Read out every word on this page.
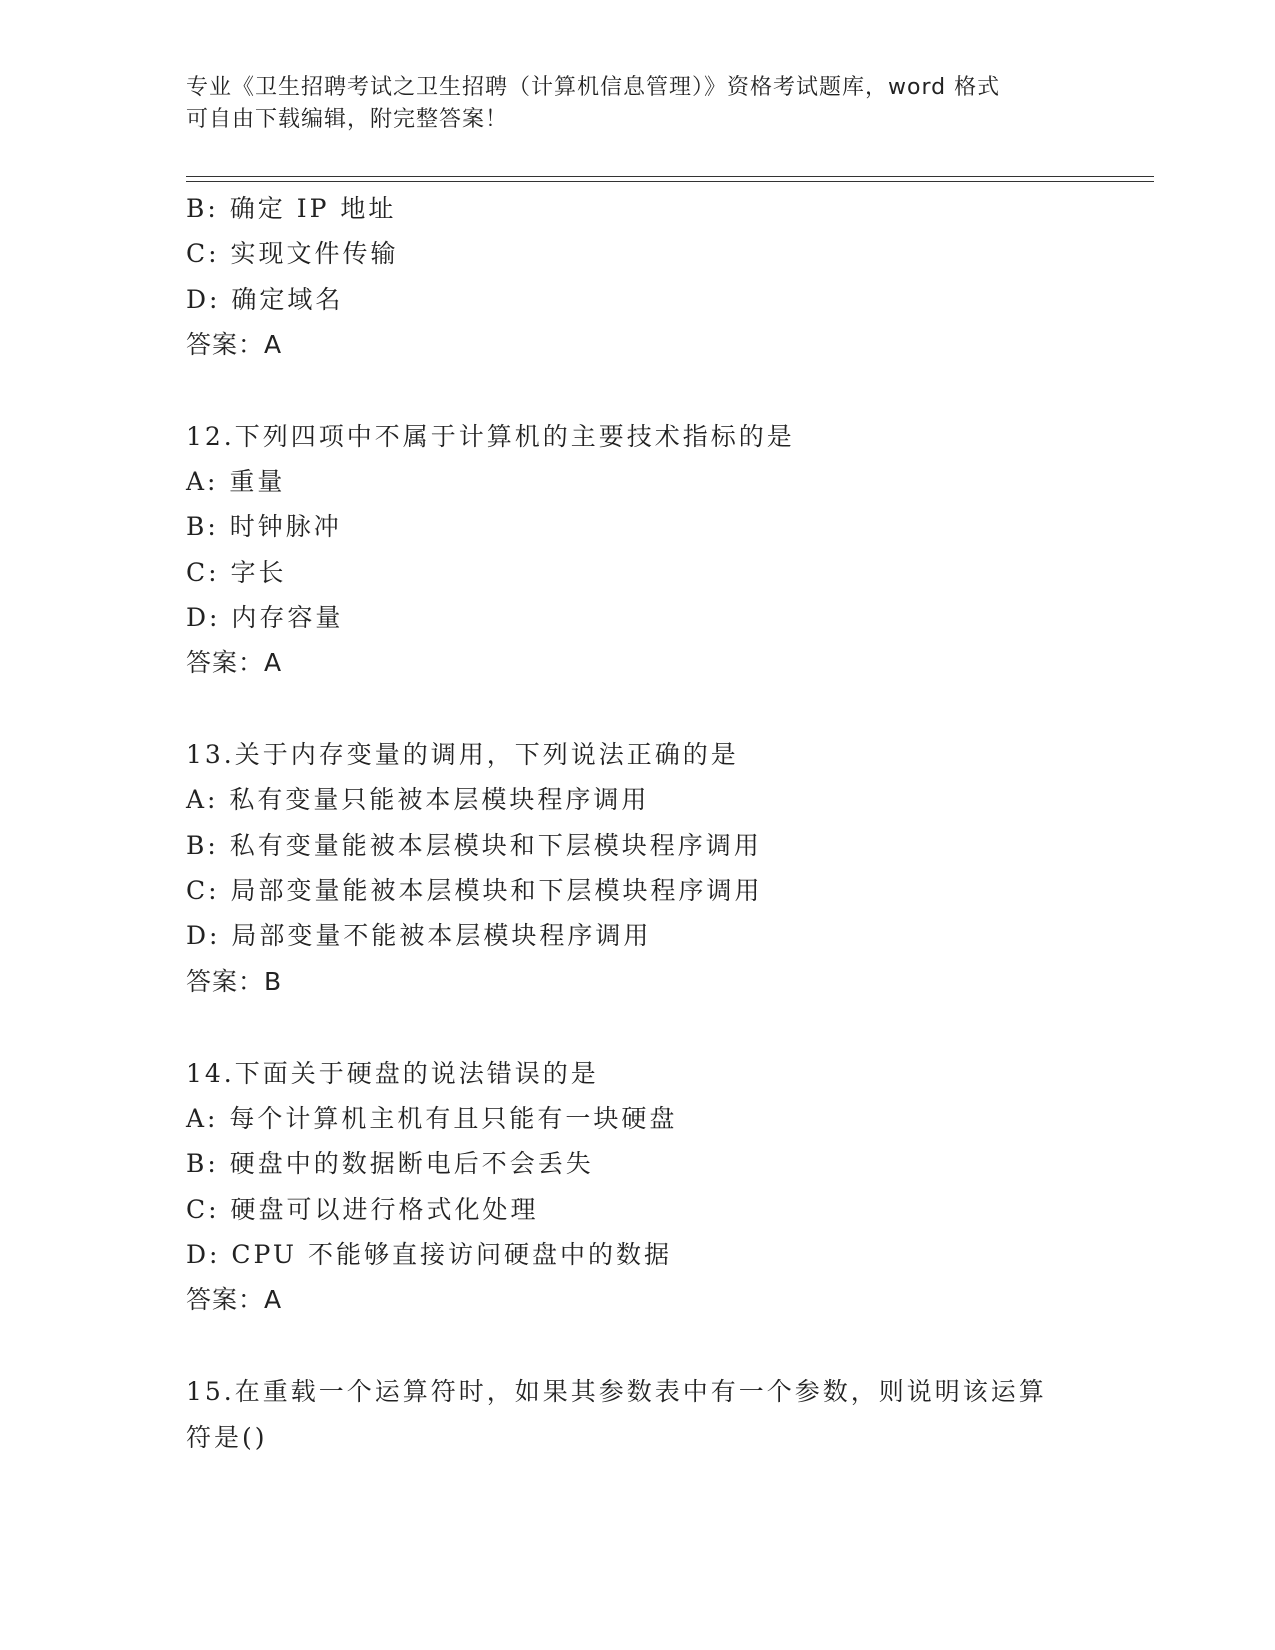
专业《卫生招聘考试之卫生招聘（计算机信息管理）》资格考试题库，word 格式
可自由下载编辑，附完整答案！
B: 确定 IP 地址
C: 实现文件传输
D: 确定域名
答案：A
12.下列四项中不属于计算机的主要技术指标的是
A: 重量
B: 时钟脉冲
C: 字长
D: 内存容量
答案：A
13.关于内存变量的调用，下列说法正确的是
A: 私有变量只能被本层模块程序调用
B: 私有变量能被本层模块和下层模块程序调用
C: 局部变量能被本层模块和下层模块程序调用
D: 局部变量不能被本层模块程序调用
答案：B
14.下面关于硬盘的说法错误的是
A: 每个计算机主机有且只能有一块硬盘
B: 硬盘中的数据断电后不会丢失
C: 硬盘可以进行格式化处理
D: CPU 不能够直接访问硬盘中的数据
答案：A
15.在重载一个运算符时，如果其参数表中有一个参数，则说明该运算
符是()
